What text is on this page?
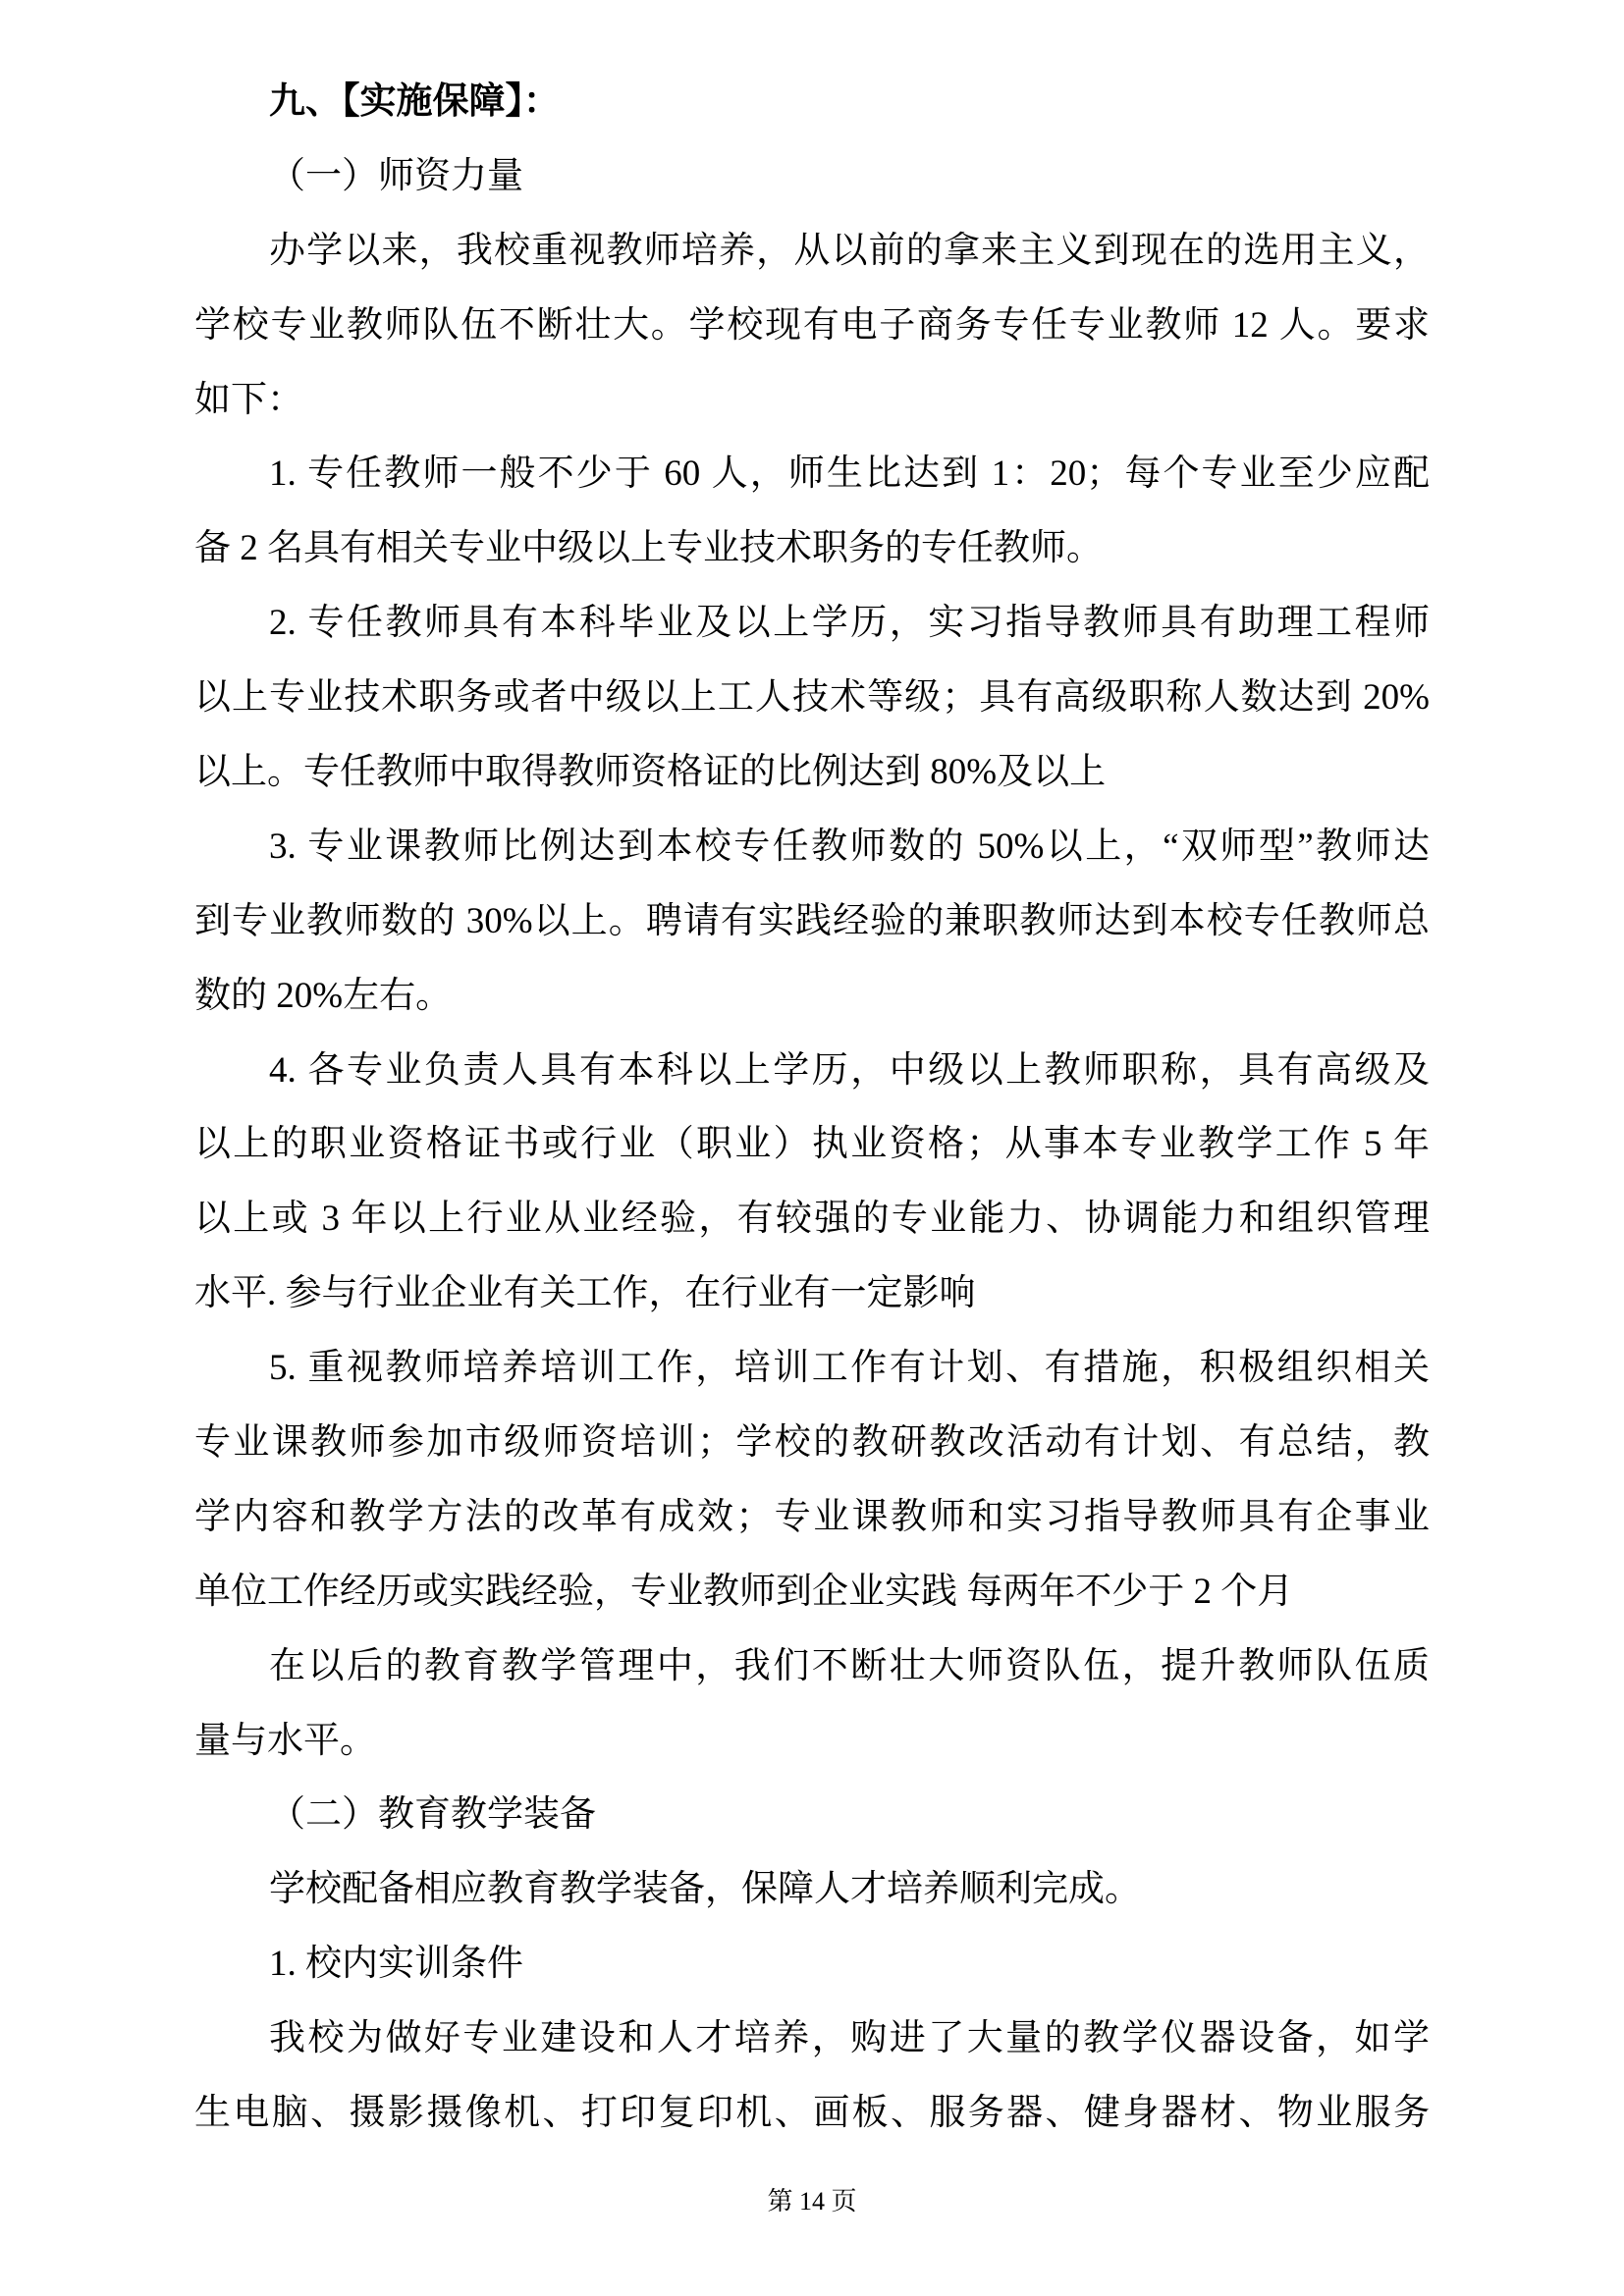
九、【实施保障】：
（一）师资力量
办学以来，我校重视教师培养，从以前的拿来主义到现在的选用主义，
学校专业教师队伍不断壮大。学校现有电子商务专任专业教师 12 人。要求
如下：
1. 专任教师一般不少于 60 人，师生比达到 1：20；每个专业至少应配
备 2 名具有相关专业中级以上专业技术职务的专任教师。
2. 专任教师具有本科毕业及以上学历，实习指导教师具有助理工程师
以上专业技术职务或者中级以上工人技术等级；具有高级职称人数达到 20%
以上。专任教师中取得教师资格证的比例达到 80%及以上
3. 专业课教师比例达到本校专任教师数的 50%以上，“双师型”教师达
到专业教师数的 30%以上。聘请有实践经验的兼职教师达到本校专任教师总
数的 20%左右。
4. 各专业负责人具有本科以上学历，中级以上教师职称，具有高级及
以上的职业资格证书或行业（职业）执业资格；从事本专业教学工作 5 年
以上或 3 年以上行业从业经验，有较强的专业能力、协调能力和组织管理
水平. 参与行业企业有关工作，在行业有一定影响
5. 重视教师培养培训工作，培训工作有计划、有措施，积极组织相关
专业课教师参加市级师资培训；学校的教研教改活动有计划、有总结，教
学内容和教学方法的改革有成效；专业课教师和实习指导教师具有企事业
单位工作经历或实践经验，专业教师到企业实践 每两年不少于 2 个月
在以后的教育教学管理中，我们不断壮大师资队伍，提升教师队伍质
量与水平。
（二）教育教学装备
学校配备相应教育教学装备，保障人才培养顺利完成。
1. 校内实训条件
我校为做好专业建设和人才培养，购进了大量的教学仪器设备，如学
生电脑、摄影摄像机、打印复印机、画板、服务器、健身器材、物业服务
第 14 页
